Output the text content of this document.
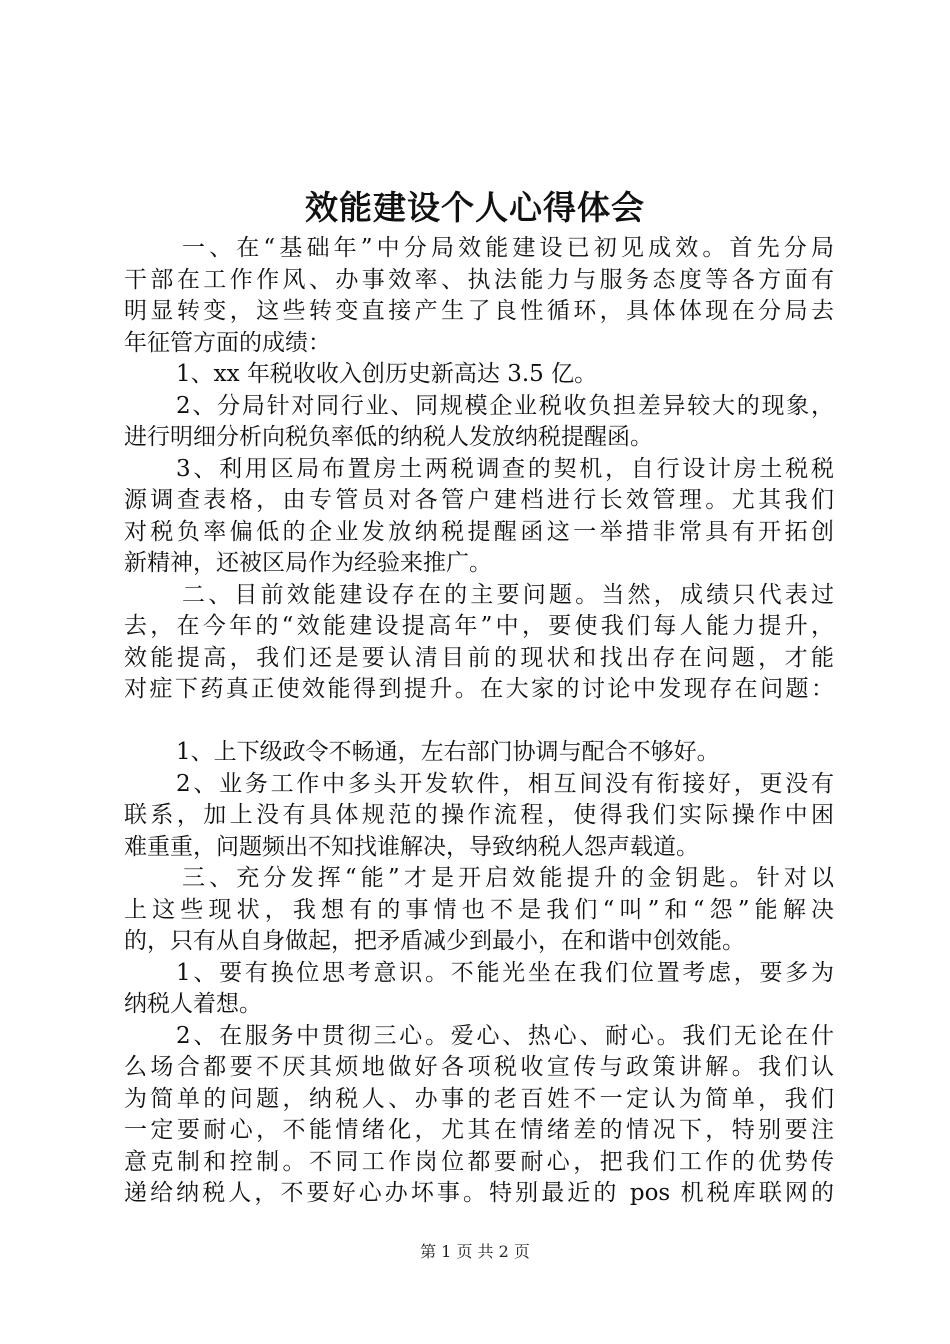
效能建设个人心得体会
一、在“基础年”中分局效能建设已初见成效。首先分局
干部在工作作风、办事效率、执法能力与服务态度等各方面有
明显转变，这些转变直接产生了良性循环，具体体现在分局去
年征管方面的成绩：
1、xx 年税收收入创历史新高达 3.5 亿。
2、分局针对同行业、同规模企业税收负担差异较大的现象，
进行明细分析向税负率低的纳税人发放纳税提醒函。
3、利用区局布置房土两税调查的契机，自行设计房土税税
源调查表格，由专管员对各管户建档进行长效管理。尤其我们
对税负率偏低的企业发放纳税提醒函这一举措非常具有开拓创
新精神，还被区局作为经验来推广。
二、目前效能建设存在的主要问题。当然，成绩只代表过
去，在今年的“效能建设提高年”中，要使我们每人能力提升，
效能提高，我们还是要认清目前的现状和找出存在问题，才能
对症下药真正使效能得到提升。在大家的讨论中发现存在问题：
1、上下级政令不畅通，左右部门协调与配合不够好。
2、业务工作中多头开发软件，相互间没有衔接好，更没有
联系，加上没有具体规范的操作流程，使得我们实际操作中困
难重重，问题频出不知找谁解决，导致纳税人怨声载道。
三、充分发挥“能”才是开启效能提升的金钥匙。针对以
上这些现状，我想有的事情也不是我们“叫”和“怨”能解决
的，只有从自身做起，把矛盾减少到最小，在和谐中创效能。
1、要有换位思考意识。不能光坐在我们位置考虑，要多为
纳税人着想。
2、在服务中贯彻三心。爱心、热心、耐心。我们无论在什
么场合都要不厌其烦地做好各项税收宣传与政策讲解。我们认
为简单的问题，纳税人、办事的老百姓不一定认为简单，我们
一定要耐心，不能情绪化，尤其在情绪差的情况下，特别要注
意克制和控制。不同工作岗位都要耐心，把我们工作的优势传
递给纳税人，不要好心办坏事。特别最近的 pos 机税库联网的
第 1 页 共 2 页
